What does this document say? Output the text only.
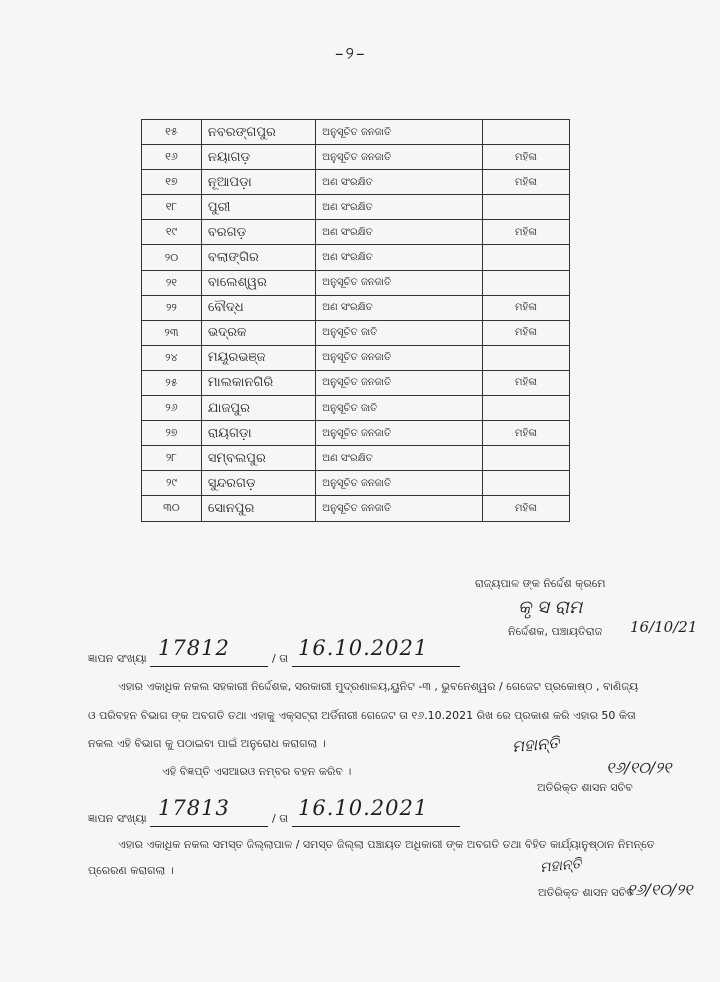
–୨–
୧୫	ନବରଙ୍ଗପୁର	ଅନୁସୂଚିତ ଜନଜାତି	
୧୬	ନୟାଗଡ଼	ଅନୁସୂଚିତ ଜନଜାତି	ମହିଳା
୧୭	ନୂଆପଡ଼ା	ଅଣ ସଂରକ୍ଷିତ	ମହିଳା
୧୮	ପୁରୀ	ଅଣ ସଂରକ୍ଷିତ	
୧୯	ବରଗଡ଼	ଅଣ ସଂରକ୍ଷିତ	ମହିଳା
୨୦	ବଲାଙ୍ଗିର	ଅଣ ସଂରକ୍ଷିତ	
୨୧	ବାଲେଶ୍ୱର	ଅନୁସୂଚିତ ଜନଜାତି	
୨୨	ବୌଦ୍ଧ	ଅଣ ସଂରକ୍ଷିତ	ମହିଳା
୨୩	ଭଦ୍ରକ	ଅନୁସୂଚିତ ଜାତି	ମହିଳା
୨୪	ମୟୂରଭଞ୍ଜ	ଅନୁସୂଚିତ ଜନଜାତି	
୨୫	ମାଲକାନଗିରି	ଅନୁସୂଚିତ ଜନଜାତି	ମହିଳା
୨୬	ଯାଜପୁର	ଅନୁସୂଚିତ ଜାତି	
୨୭	ରାୟଗଡ଼ା	ଅନୁସୂଚିତ ଜନଜାତି	ମହିଳା
୨୮	ସମ୍ବଲପୁର	ଅଣ ସଂରକ୍ଷିତ	
୨୯	ସୁନ୍ଦରଗଡ଼	ଅନୁସୂଚିତ ଜନଜାତି	
୩୦	ସୋନପୁର	ଅନୁସୂଚିତ ଜନଜାତି	ମହିଳା
ରାଜ୍ୟପାଳ ଙ୍କ ନିର୍ଦ୍ଦେଶ କ୍ରମେ
କୃ ସ ରାମ
16/10/21
ନିର୍ଦ୍ଦେଶକ, ପଞ୍ଚାୟତିରାଜ
ଜ୍ଞାପନ ସଂଖ୍ୟା 17812	/ ତା 16.10.2021
ଏହାର ଏକାଧିକ ନକଲ ସହକାରୀ ନିର୍ଦ୍ଦେଶକ, ସରକାରୀ ମୁଦ୍ରଣାଳୟ,ୟୁନିଟ -୩ , ଭୁବନେଶ୍ୱର / ଗେଜେଟ ପ୍ରକୋଷ୍ଠ , ବାଣିଜ୍ୟ
ଓ ପରିବହନ ବିଭାଗ ଙ୍କ ଅବଗତି ତଥା ଏହାକୁ ଏକ୍ସଟ୍ରା ଅର୍ଡିନାରୀ ଗେଜେଟ ତା ୧୬.10.2021 ରିଖ ରେ ପ୍ରକାଶ କରି ଏହାର 50 କିତା
ନକଲ ଏହି ବିଭାଗ କୁ ପଠାଇବା ପାଇଁ ଅନୁରୋଧ କରାଗଲା ।
ଏହି ବିଜ୍ଞପ୍ତି ଏସଆରଓ ନମ୍ବର ବହନ କରିବ ।
ମହାନ୍ତି
୧୬/୧୦/୨୧
ଅତିରିକ୍ତ ଶାସନ ସଚିବ
ଜ୍ଞାପନ ସଂଖ୍ୟା 17813	/ ତା 16.10.2021
ଏହାର ଏକାଧିକ ନକଲ ସମସ୍ତ ଜିଲ୍ଲାପାଳ / ସମସ୍ତ ଜିଲ୍ଲା ପଞ୍ଚାୟତ ଅଧିକାରୀ ଙ୍କ ଅବଗତି ତଥା ବିହିତ କାର୍ଯ୍ୟାନୁଷ୍ଠାନ ନିମନ୍ତେ
ପ୍ରେରଣ କରାଗଲା ।	ମହାନ୍ତି
୧୬/୧୦/୨୧
ଅତିରିକ୍ତ ଶାସନ ସଚିବ
